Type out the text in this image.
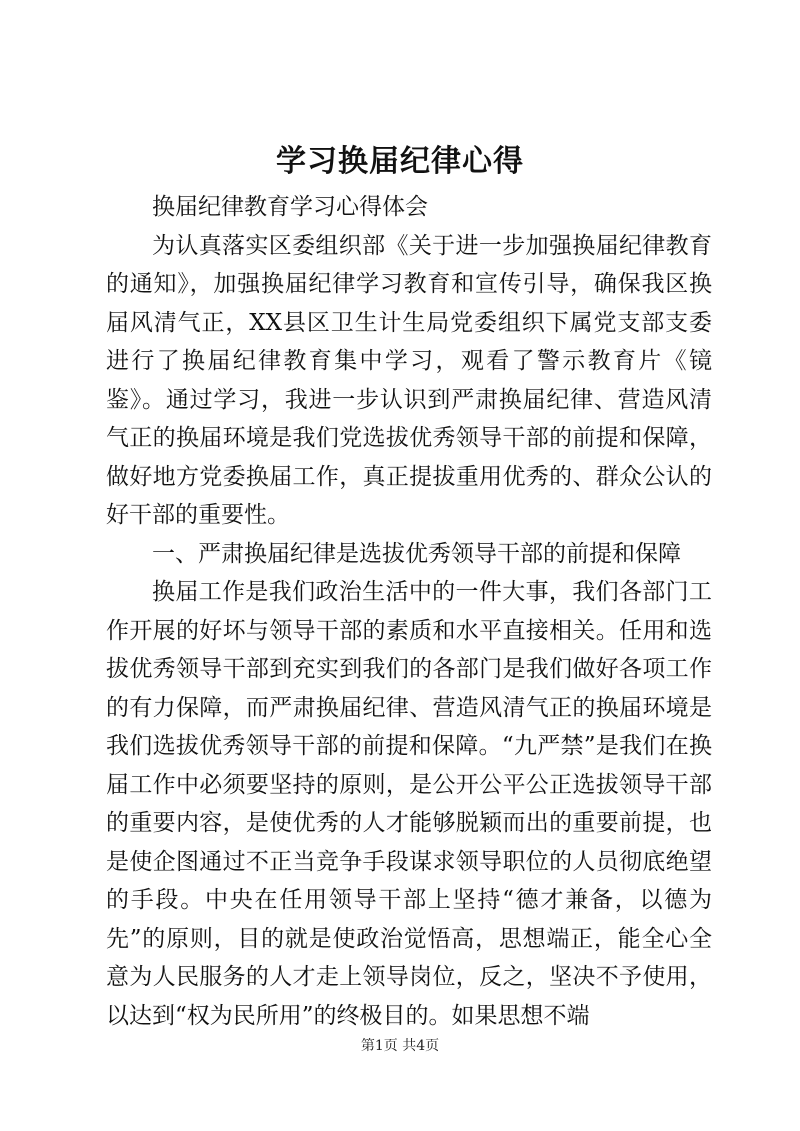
学习换届纪律心得

换届纪律教育学习心得体会

为认真落实区委组织部《关于进一步加强换届纪律教育的通知》，加强换届纪律学习教育和宣传引导，确保我区换届风清气正，XX县区卫生计生局党委组织下属党支部支委进行了换届纪律教育集中学习，观看了警示教育片《镜鉴》。通过学习，我进一步认识到严肃换届纪律、营造风清气正的换届环境是我们党选拔优秀领导干部的前提和保障，做好地方党委换届工作，真正提拔重用优秀的、群众公认的好干部的重要性。

一、严肃换届纪律是选拔优秀领导干部的前提和保障

换届工作是我们政治生活中的一件大事，我们各部门工作开展的好坏与领导干部的素质和水平直接相关。任用和选拔优秀领导干部到充实到我们的各部门是我们做好各项工作的有力保障，而严肃换届纪律、营造风清气正的换届环境是我们选拔优秀领导干部的前提和保障。“九严禁”是我们在换届工作中必须要坚持的原则，是公开公平公正选拔领导干部的重要内容，是使优秀的人才能够脱颖而出的重要前提，也是使企图通过不正当竞争手段谋求领导职位的人员彻底绝望的手段。中央在任用领导干部上坚持“德才兼备，以德为先”的原则，目的就是使政治觉悟高，思想端正，能全心全意为人民服务的人才走上领导岗位，反之，坚决不予使用，以达到“权为民所用”的终极目的。如果思想不端

第1页 共4页
